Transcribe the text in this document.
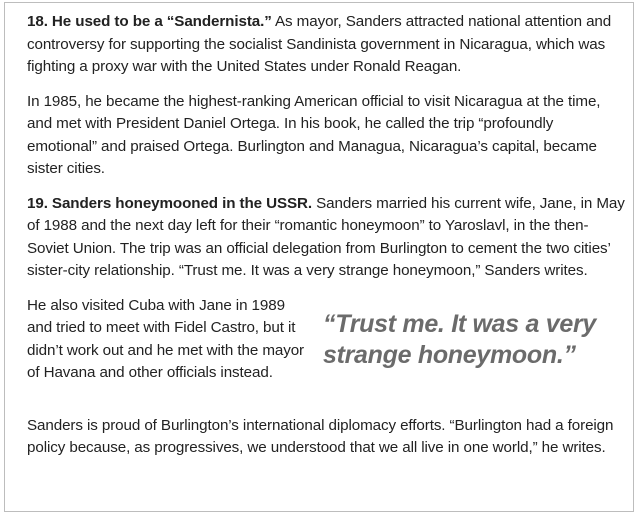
18. He used to be a “Sandernista.” As mayor, Sanders attracted national attention and controversy for supporting the socialist Sandinista government in Nicaragua, which was fighting a proxy war with the United States under Ronald Reagan.

In 1985, he became the highest-ranking American official to visit Nicaragua at the time, and met with President Daniel Ortega. In his book, he called the trip “profoundly emotional” and praised Ortega. Burlington and Managua, Nicaragua’s capital, became sister cities.

19. Sanders honeymooned in the USSR. Sanders married his current wife, Jane, in May of 1988 and the next day left for their “romantic honeymoon” to Yaroslavl, in the then-Soviet Union. The trip was an official delegation from Burlington to cement the two cities’ sister-city relationship. “Trust me. It was a very strange honeymoon,” Sanders writes.

He also visited Cuba with Jane in 1989 and tried to meet with Fidel Castro, but it didn’t work out and he met with the mayor of Havana and other officials instead.
“Trust me. It was a very strange honeymoon.”

Sanders is proud of Burlington’s international diplomacy efforts. “Burlington had a foreign policy because, as progressives, we understood that we all live in one world,” he writes.
